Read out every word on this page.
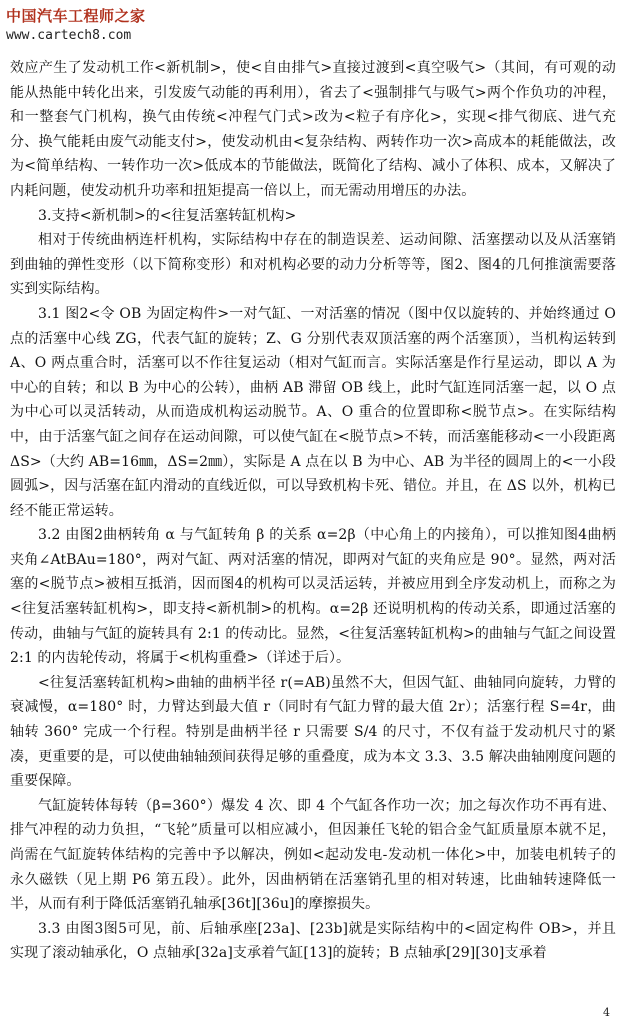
中国汽车工程师之家
www.cartech8.com

效应产生了发动机工作<新机制>，使<自由排气>直接过渡到<真空吸气>（其间，有可观的动能从热能中转化出来，引发废气动能的再利用），省去了<强制排气与吸气>两个作负功的冲程，和一整套气门机构，换气由传统<冲程气门式>改为<粒子有序化>，实现<排气彻底、进气充分、换气能耗由废气动能支付>，使发动机由<复杂结构、两转作功一次>高成本的耗能做法，改为<简单结构、一转作功一次>低成本的节能做法，既简化了结构、减小了体积、成本，又解决了内耗问题，使发动机升功率和扭矩提高一倍以上，而无需动用增压的办法。

3.支持<新机制>的<往复活塞转缸机构>

相对于传统曲柄连杆机构，实际结构中存在的制造误差、运动间隙、活塞摆动以及从活塞销到曲轴的弹性变形（以下简称变形）和对机构必要的动力分析等等，图2、图4的几何推演需要落实到实际结构。

3.1 图2<令 OB 为固定构件>一对气缸、一对活塞的情况（图中仅以旋转的、并始终通过 O 点的活塞中心线 ZG，代表气缸的旋转；Z、G 分别代表双顶活塞的两个活塞顶），当机构运转到 A、O 两点重合时，活塞可以不作往复运动（相对气缸而言。实际活塞是作行星运动，即以 A 为中心的自转；和以 B 为中心的公转），曲柄 AB 滞留 OB 线上，此时气缸连同活塞一起，以 O 点为中心可以灵活转动，从而造成机构运动脱节。A、O 重合的位置即称<脱节点>。在实际结构中，由于活塞气缸之间存在运动间隙，可以使气缸在<脱节点>不转，而活塞能移动<一小段距离 ΔS>（大约 AB=16㎜，ΔS=2㎜），实际是 A 点在以 B 为中心、AB 为半径的圆周上的<一小段圆弧>，因与活塞在缸内滑动的直线近似，可以导致机构卡死、错位。并且，在 ΔS 以外，机构已经不能正常运转。

3.2 由图2曲柄转角 α 与气缸转角 β 的关系 α=2β（中心角上的内接角），可以推知图4曲柄夹角∠AtBAu=180°，两对气缸、两对活塞的情况，即两对气缸的夹角应是 90°。显然，两对活塞的<脱节点>被相互抵消，因而图4的机构可以灵活运转，并被应用到全序发动机上，而称之为<往复活塞转缸机构>，即支持<新机制>的机构。α=2β 还说明机构的传动关系，即通过活塞的传动，曲轴与气缸的旋转具有 2:1 的传动比。显然，<往复活塞转缸机构>的曲轴与气缸之间设置 2:1 的内齿轮传动，将属于<机构重叠>（详述于后）。

<往复活塞转缸机构>曲轴的曲柄半径 r(=AB)虽然不大，但因气缸、曲轴同向旋转，力臂的衰减慢，α=180° 时，力臂达到最大值 r（同时有气缸力臂的最大值 2r）；活塞行程 S=4r，曲轴转 360° 完成一个行程。特别是曲柄半径 r 只需要 S/4 的尺寸，不仅有益于发动机尺寸的紧凑，更重要的是，可以使曲轴轴颈间获得足够的重叠度，成为本文 3.3、3.5 解决曲轴刚度问题的重要保障。

气缸旋转体每转（β=360°）爆发 4 次、即 4 个气缸各作功一次；加之每次作功不再有进、排气冲程的动力负担，“飞轮”质量可以相应减小，但因兼任飞轮的铝合金气缸质量原本就不足，尚需在气缸旋转体结构的完善中予以解决，例如<起动发电-发动机一体化>中，加装电机转子的永久磁铁（见上期 P6 第五段）。此外，因曲柄销在活塞销孔里的相对转速，比曲轴转速降低一半，从而有利于降低活塞销孔轴承[36t][36u]的摩擦损失。

3.3 由图3图5可见，前、后轴承座[23a]、[23b]就是实际结构中的<固定构件 OB>，并且实现了滚动轴承化，O 点轴承[32a]支承着气缸[13]的旋转；B 点轴承[29][30]支承着

4
